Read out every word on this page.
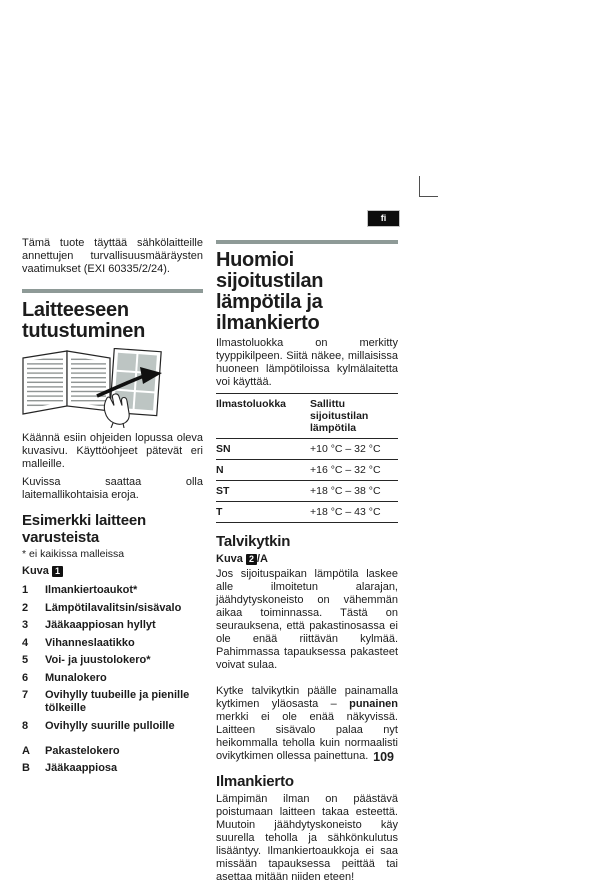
fi

Tämä tuote täyttää sähkölaitteille annettujen turvallisuusmääräysten vaatimukset (EXI 60335/2/24).

Laitteeseen
tutustuminen

Käännä esiin ohjeiden lopussa oleva kuvasivu. Käyttöohjeet pätevät eri malleille.

Kuvissa saattaa olla laitemallikohtaisia eroja.

Esimerkki laitteen
varusteista
* ei kaikissa malleissa
Kuva 1
1	Ilmankiertoaukot*
2	Lämpötilavalitsin/sisävalo
3	Jääkaappiosan hyllyt
4	Vihanneslaatikko
5	Voi- ja juustolokero*
6	Munalokero
7	Ovihylly tuubeille ja pienille tölkeille
8	Ovihylly suurille pulloille
A	Pakastelokero
B	Jääkaappiosa
Huomioi sijoitustilan
lämpötila ja ilmankierto

Ilmastoluokka on merkitty tyyppikilpeen. Siitä näkee, millaisissa huoneen lämpötiloissa kylmälaitetta voi käyttää.

Ilmastoluokka	Sallittu sijoitustilan lämpötila
SN	+10 °C – 32 °C
N	+16 °C – 32 °C
ST	+18 °C – 38 °C
T	+18 °C – 43 °C
Talvikytkin
Kuva 2 /A

Jos sijoituspaikan lämpötila laskee alle ilmoitetun alarajan, jäähdytyskoneisto on vähemmän aikaa toiminnassa. Tästä on seurauksena, että pakastinosassa ei ole enää riittävän kylmää. Pahimmassa tapauksessa pakasteet voivat sulaa.

Kytke talvikytkin päälle painamalla kytkimen yläosasta – punainen merkki ei ole enää näkyvissä. Laitteen sisävalo palaa nyt heikommalla teholla kuin normaalisti ovikytkimen ollessa painettuna.

Ilmankierto

Lämpimän ilman on päästävä poistumaan laitteen takaa esteettä. Muutoin jäähdytyskoneisto käy suurella teholla ja sähkönkulutus lisääntyy. Ilmankiertoaukkoja ei saa missään tapauksessa peittää tai asettaa mitään niiden eteen!

109
